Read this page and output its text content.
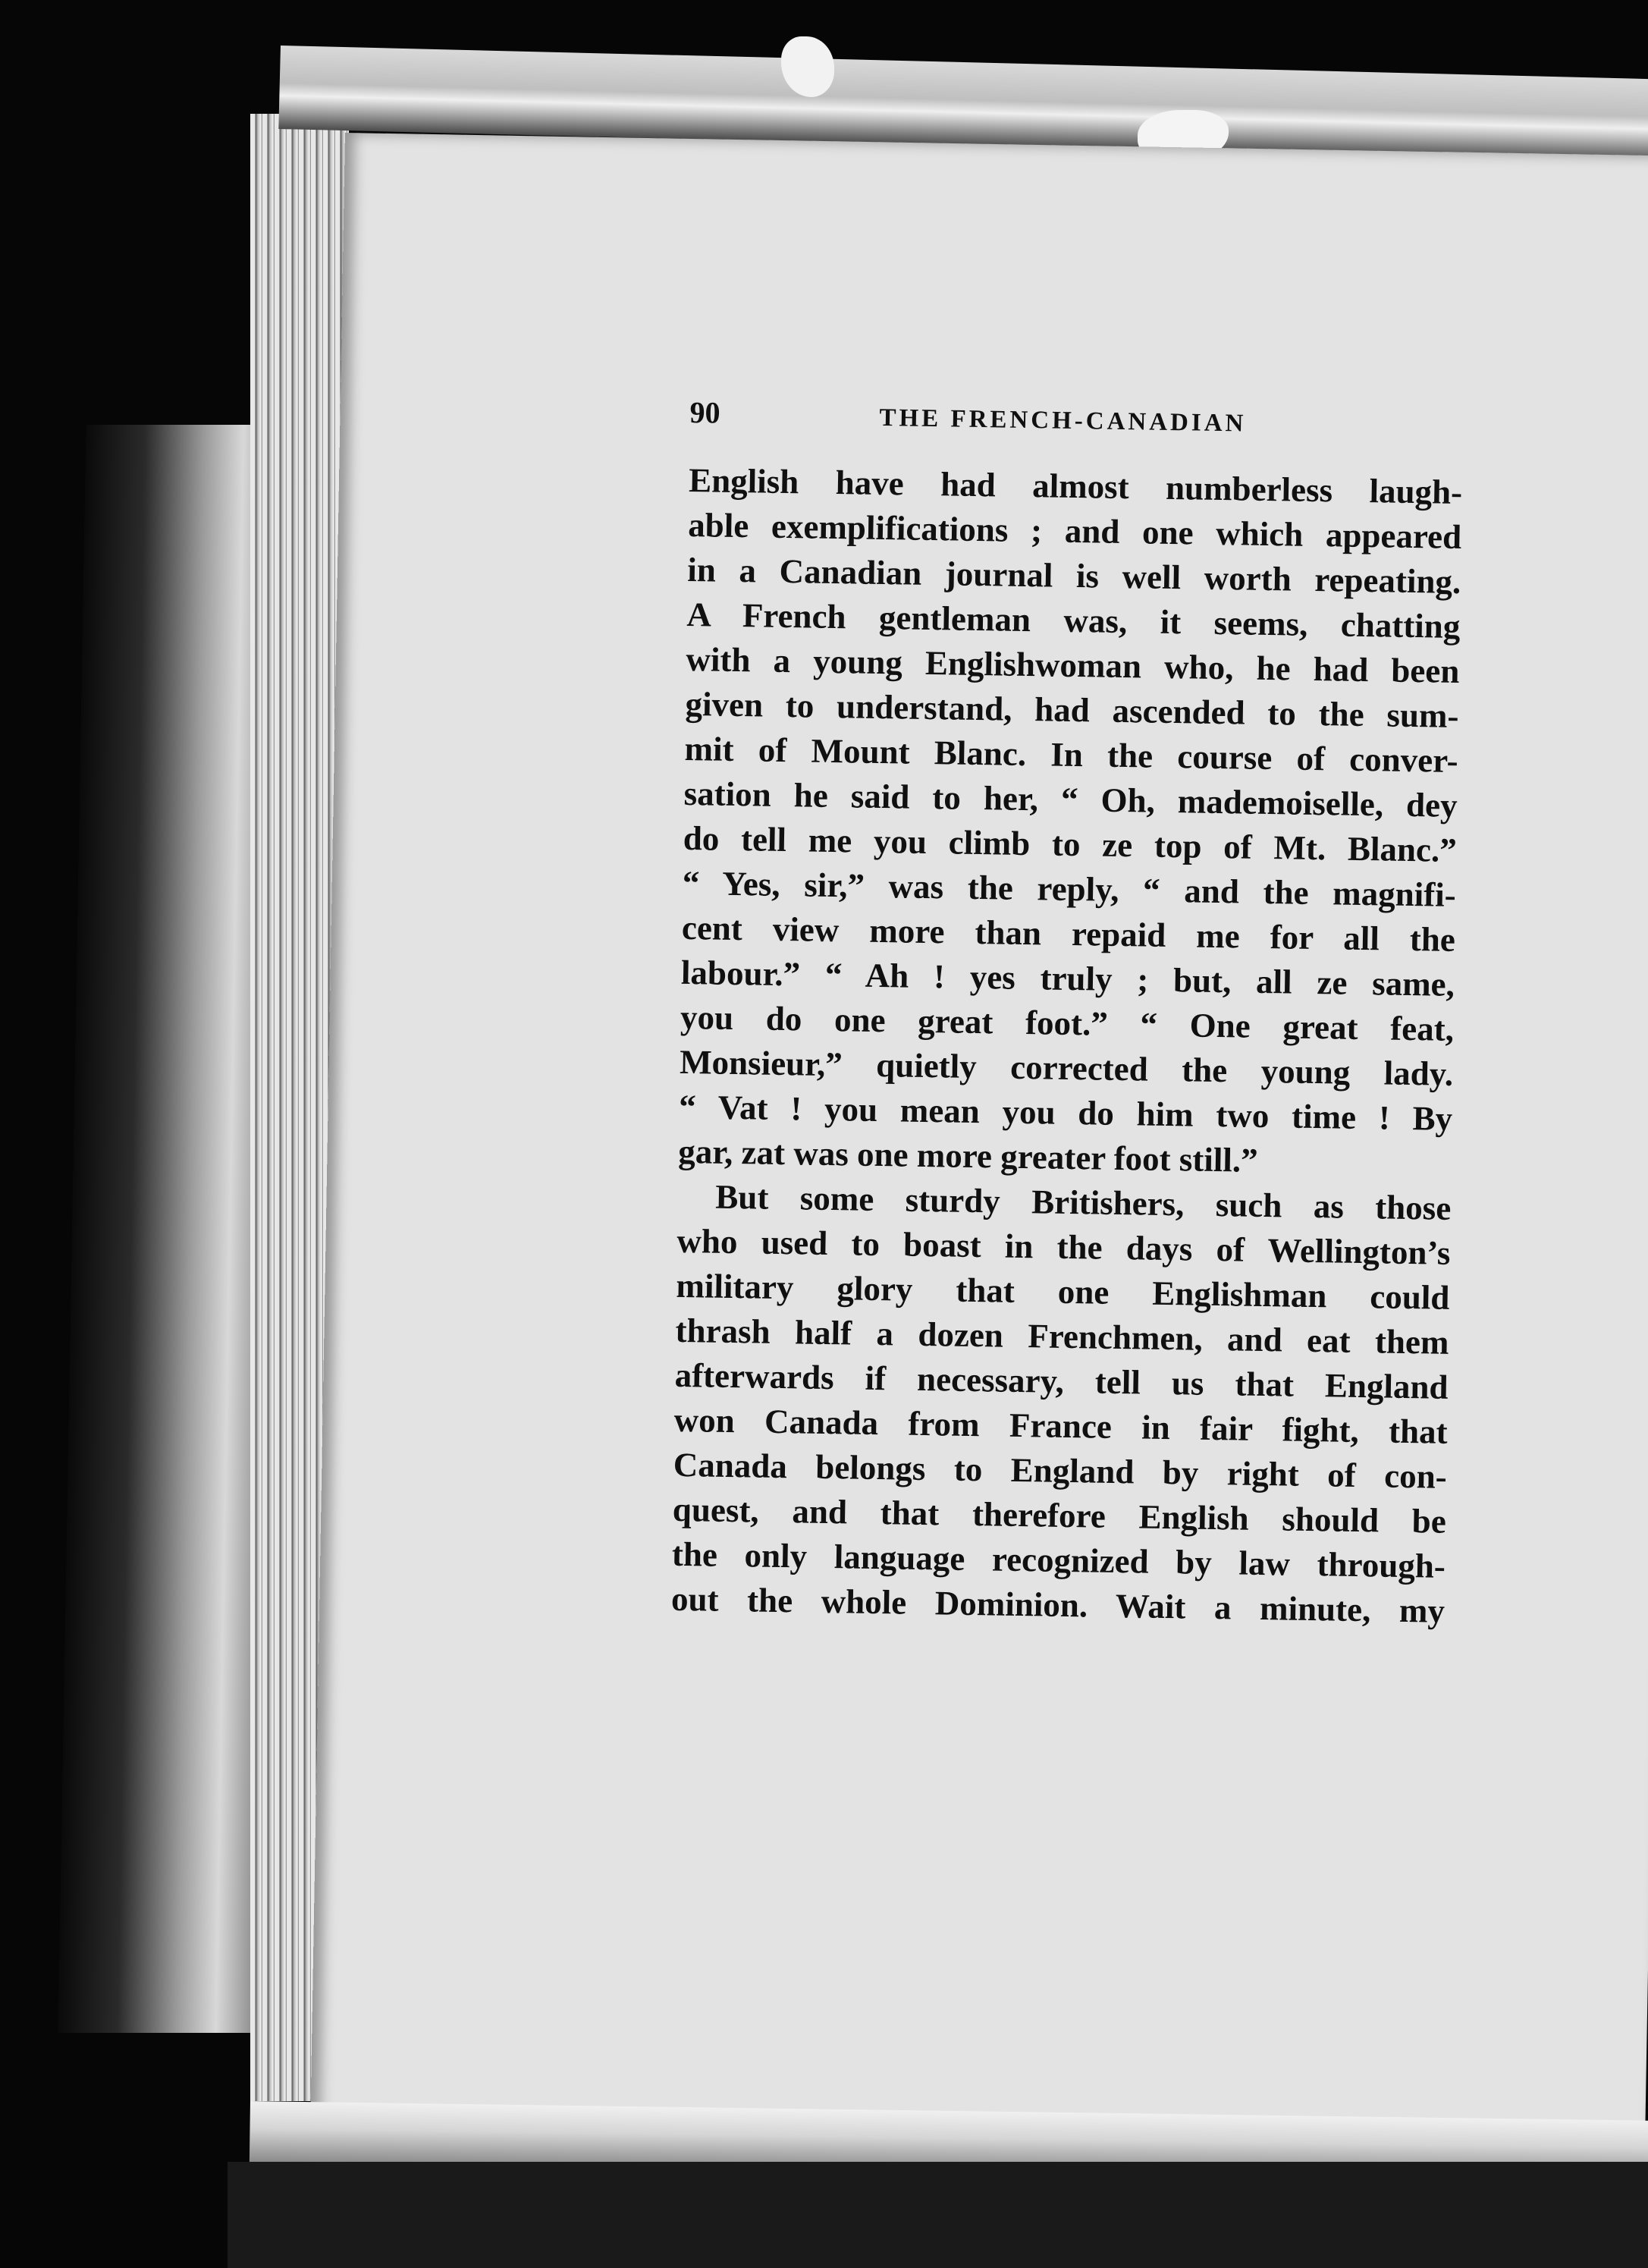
90	THE FRENCH-CANADIAN
English have had almost numberless laugh-
able exemplifications ; and one which appeared
in a Canadian journal is well worth repeating.
A French gentleman was, it seems, chatting
with a young Englishwoman who, he had been
given to understand, had ascended to the sum-
mit of Mount Blanc. In the course of conver-
sation he said to her, “ Oh, mademoiselle, dey
do tell me you climb to ze top of Mt. Blanc.”
“ Yes, sir,” was the reply, “ and the magnifi-
cent view more than repaid me for all the
labour.” “ Ah ! yes truly ; but, all ze same,
you do one great foot.” “ One great feat,
Monsieur,” quietly corrected the young lady.
“ Vat ! you mean you do him two time ! By
gar, zat was one more greater foot still.”
But some sturdy Britishers, such as those
who used to boast in the days of Wellington’s
military glory that one Englishman could
thrash half a dozen Frenchmen, and eat them
afterwards if necessary, tell us that England
won Canada from France in fair fight, that
Canada belongs to England by right of con-
quest, and that therefore English should be
the only language recognized by law through-
out the whole Dominion. Wait a minute, my
